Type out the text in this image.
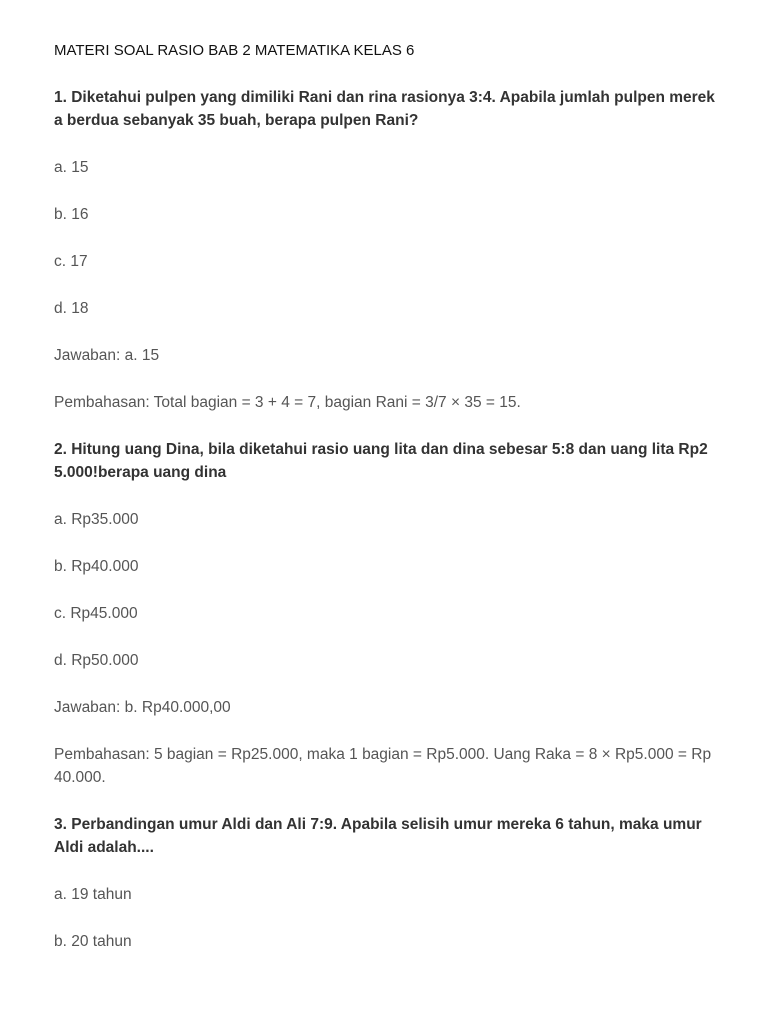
MATERI SOAL RASIO BAB 2 MATEMATIKA KELAS 6
1. Diketahui pulpen yang dimiliki Rani dan rina rasionya 3:4. Apabila jumlah pulpen mereka berdua sebanyak 35 buah, berapa pulpen Rani?
a. 15
b. 16
c. 17
d. 18
Jawaban: a. 15
Pembahasan: Total bagian = 3 + 4 = 7, bagian Rani = 3/7 × 35 = 15.
2. Hitung uang Dina, bila diketahui rasio uang lita dan dina sebesar 5:8 dan uang lita Rp25.000!berapa uang dina
a. Rp35.000
b. Rp40.000
c. Rp45.000
d. Rp50.000
Jawaban: b. Rp40.000,00
Pembahasan: 5 bagian = Rp25.000, maka 1 bagian = Rp5.000. Uang Raka = 8 × Rp5.000 = Rp40.000.
3. Perbandingan umur Aldi dan Ali 7:9. Apabila selisih umur mereka 6 tahun, maka umur Aldi adalah....
a. 19 tahun
b. 20 tahun
